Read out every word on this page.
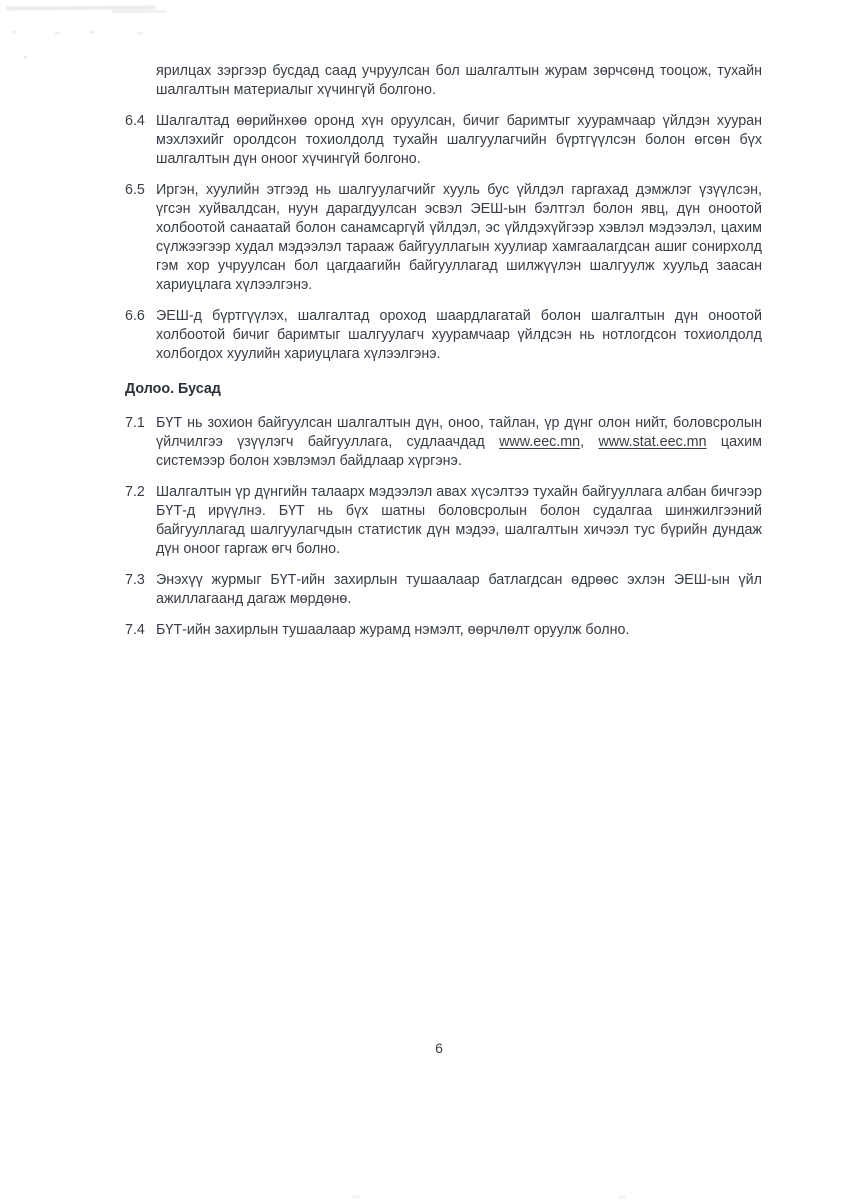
ярилцах зэргээр бусдад саад учруулсан бол шалгалтын журам зөрчсөнд тооцож, тухайн шалгалтын материалыг хүчингүй болгоно.

6.4 Шалгалтад өөрийнхөө оронд хүн оруулсан, бичиг баримтыг хуурамчаар үйлдэн хууран мэхлэхийг оролдсон тохиолдолд тухайн шалгуулагчийн бүртгүүлсэн болон өгсөн бүх шалгалтын дүн оноог хүчингүй болгоно.
6.5 Иргэн, хуулийн этгээд нь шалгуулагчийг хууль бус үйлдэл гаргахад дэмжлэг үзүүлсэн, үгсэн хуйвалдсан, нуун дарагдуулсан эсвэл ЭЕШ-ын бэлтгэл болон явц, дүн оноотой холбоотой санаатай болон санамсаргүй үйлдэл, эс үйлдэхүйгээр хэвлэл мэдээлэл, цахим сүлжээгээр худал мэдээлэл тарааж байгууллагын хуулиар хамгаалагдсан ашиг сонирхолд гэм хор учруулсан бол цагдаагийн байгууллагад шилжүүлэн шалгуулж хуульд заасан хариуцлага хүлээлгэнэ.
6.6 ЭЕШ-д бүртгүүлэх, шалгалтад ороход шаардлагатай болон шалгалтын дүн оноотой холбоотой бичиг баримтыг шалгуулагч хуурамчаар үйлдсэн нь нотлогдсон тохиолдолд холбогдох хуулийн хариуцлага хүлээлгэнэ.
Долоо. Бусад
7.1 БҮТ нь зохион байгуулсан шалгалтын дүн, оноо, тайлан, үр дүнг олон нийт, боловсролын үйлчилгээ үзүүлэгч байгууллага, судлаачдад www.eec.mn, www.stat.eec.mn цахим системээр болон хэвлэмэл байдлаар хүргэнэ.
7.2 Шалгалтын үр дүнгийн талаарх мэдээлэл авах хүсэлтээ тухайн байгууллага албан бичгээр БҮТ-д ирүүлнэ. БҮТ нь бүх шатны боловсролын болон судалгаа шинжилгээний байгууллагад шалгуулагчдын статистик дүн мэдээ, шалгалтын хичээл тус бүрийн дундаж дүн оноог гаргаж өгч болно.
7.3 Энэхүү журмыг БҮТ-ийн захирлын тушаалаар батлагдсан өдрөөс эхлэн ЭЕШ-ын үйл ажиллагаанд дагаж мөрдөнө.
7.4 БҮТ-ийн захирлын тушаалаар журамд нэмэлт, өөрчлөлт оруулж болно.
6
